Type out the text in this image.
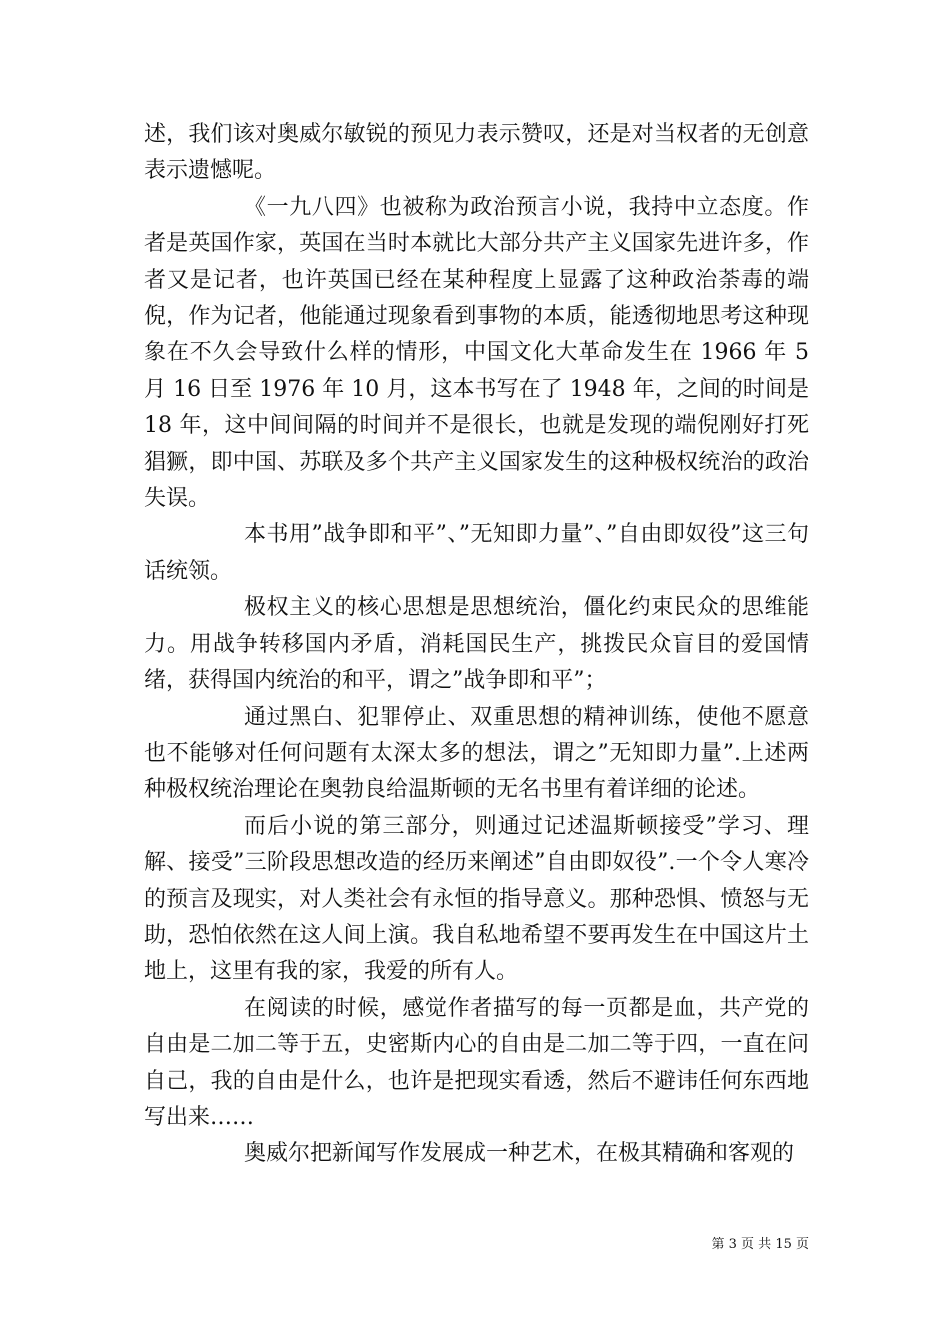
述，我们该对奥威尔敏锐的预见力表示赞叹，还是对当权者的无创意表示遗憾呢。

《一九八四》也被称为政治预言小说，我持中立态度。作者是英国作家，英国在当时本就比大部分共产主义国家先进许多，作者又是记者，也许英国已经在某种程度上显露了这种政治荼毒的端倪，作为记者，他能通过现象看到事物的本质，能透彻地思考这种现象在不久会导致什么样的情形，中国文化大革命发生在 1966 年 5 月 16 日至 1976 年 10 月，这本书写在了 1948 年，之间的时间是 18 年，这中间间隔的时间并不是很长，也就是发现的端倪刚好打死猖獗，即中国、苏联及多个共产主义国家发生的这种极权统治的政治失误。

本书用”战争即和平”、”无知即力量”、”自由即奴役”这三句话统领。

极权主义的核心思想是思想统治，僵化约束民众的思维能力。用战争转移国内矛盾，消耗国民生产，挑拨民众盲目的爱国情绪，获得国内统治的和平，谓之”战争即和平”；

通过黑白、犯罪停止、双重思想的精神训练，使他不愿意也不能够对任何问题有太深太多的想法，谓之”无知即力量”.上述两种极权统治理论在奥勃良给温斯顿的无名书里有着详细的论述。

而后小说的第三部分，则通过记述温斯顿接受”学习、理解、接受”三阶段思想改造的经历来阐述”自由即奴役”.一个令人寒冷的预言及现实，对人类社会有永恒的指导意义。那种恐惧、愤怒与无助，恐怕依然在这人间上演。我自私地希望不要再发生在中国这片土地上，这里有我的家，我爱的所有人。

在阅读的时候，感觉作者描写的每一页都是血，共产党的自由是二加二等于五，史密斯内心的自由是二加二等于四，一直在问自己，我的自由是什么，也许是把现实看透，然后不避讳任何东西地写出来……

奥威尔把新闻写作发展成一种艺术，在极其精确和客观的

第 3 页 共 15 页
